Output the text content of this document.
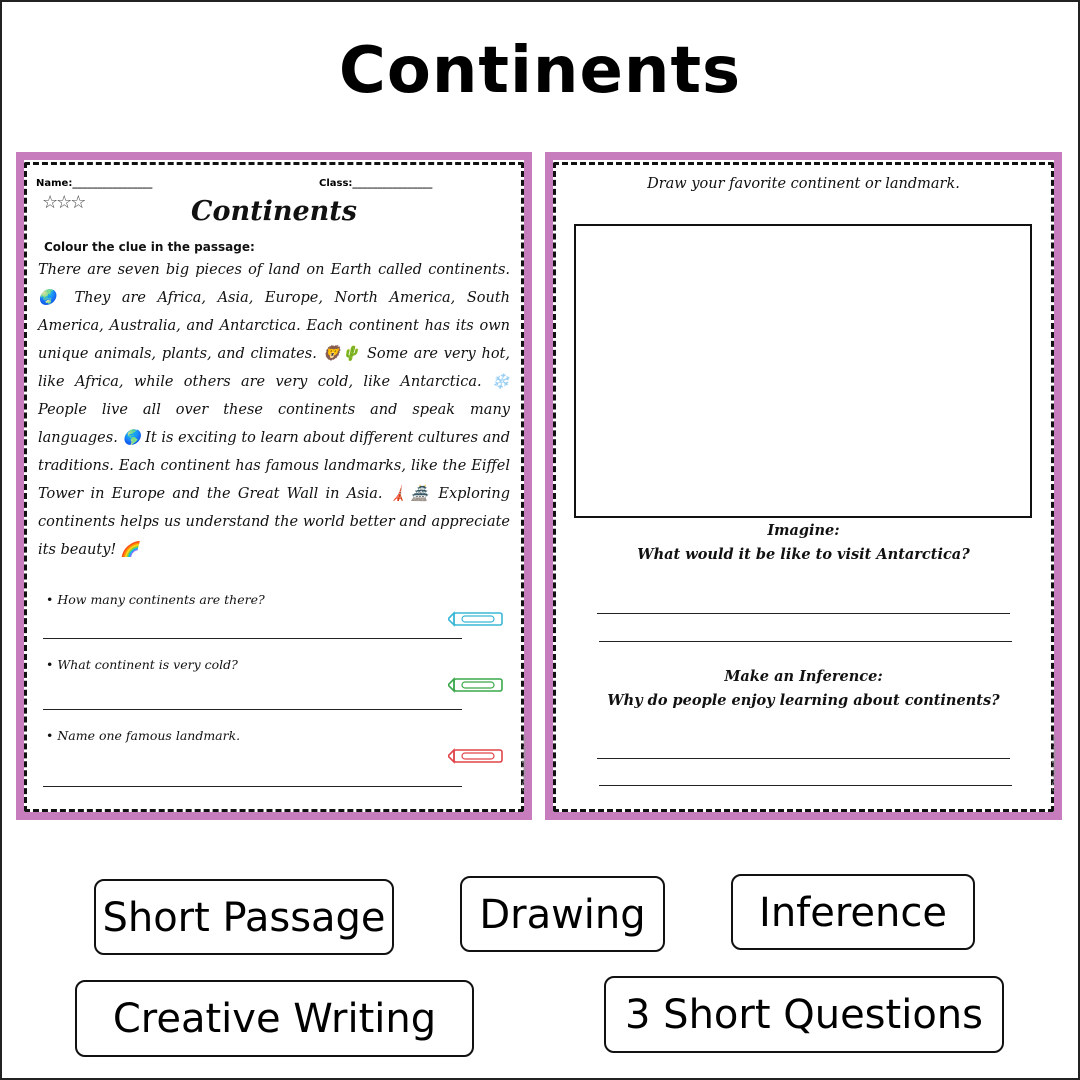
Continents
Name:________________	Class:________________
☆☆☆	Continents
Colour the clue in the passage:
There are seven big pieces of land on Earth called continents. 🌏 They are Africa, Asia, Europe, North America, South America, Australia, and Antarctica. Each continent has its own unique animals, plants, and climates. 🦁🌵 Some are very hot, like Africa, while others are very cold, like Antarctica. ❄️ People live all over these continents and speak many languages. 🌎 It is exciting to learn about different cultures and traditions. Each continent has famous landmarks, like the Eiffel Tower in Europe and the Great Wall in Asia. 🗼🏯 Exploring continents helps us understand the world better and appreciate its beauty! 🌈
• How many continents are there?
• What continent is very cold?
• Name one famous landmark.	© PrintableBazaar.com
Draw your favorite continent or landmark.
Imagine:
What would it be like to visit Antarctica?
Make an Inference:
Why do people enjoy learning about continents?
© PrintableBazaar.com
Short Passage	Drawing	Inference
Creative Writing	3 Short Questions
